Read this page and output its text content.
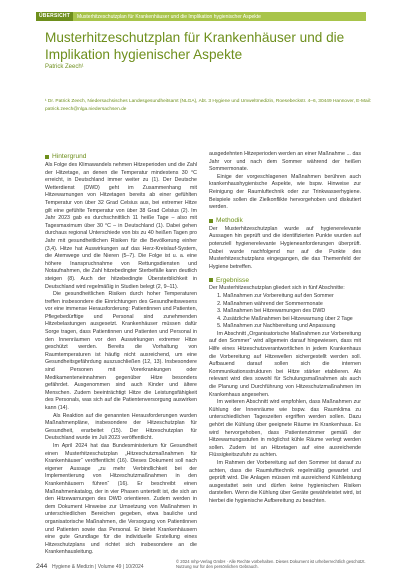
ÜBERSICHT	Musterhitzeschutzplan für Krankenhäuser und die Implikation hygienischer Aspekte
Musterhitzeschutzplan für Krankenhäuser und die Implikation hygienischer Aspekte
Patrick Zeech¹
¹ Dr. Patrick Zeech, Niedersachsisches Landesgesundheitsamt (NLGA), Abt. 3 Hygiene und Umweltmedizin, Roesebeckstr. 4–6, 30449 Hannover, E-Mail: patrick.zeech@nlga.niedersachsen.de
Hintergrund

Als Folge des Klimawandels nehmen Hitzeperioden und die Zahl der Hitzetage, an denen die Temperatur mindestens 30 °C erreicht, in Deutschland immer weiter zu (1). Der Deutsche Wetterdienst (DWD) geht im Zusammenhang mit Hitzewarnungen von Hitzetagen bereits ab einer gefühlten Temperatur von über 32 Grad Celsius aus, bei extremer Hitze gilt eine gefühlte Temperatur von über 38 Grad Celsius (2). Im Jahr 2023 gab es durchschnittlich 11 heiße Tage – also mit Tagesmaximum über 30 °C – in Deutschland (1). Dabei gehen durchaus regional Unterschiede von bis zu 40 heißen Tagen pro Jahr mit gesundheitlichen Risiken für die Bevölkerung einher (3,4). Hitze hat Auswirkungen auf das Herz-Kreislauf-System, die Atemwege und die Nieren (5–7). Die Folge ist u. a. eine höhere Inanspruchnahme von Rettungsdiensten und Notaufnahmen, die Zahl hitzebedingter Sterbefälle kann deutlich steigen (8). Auch der hitzebedingte Übersterblichkeit in Deutschland wird regelmäßig in Studien belegt (2, 9–11).

Die gesundheitlichen Risiken durch hoher Temperaturen treffen insbesondere die Einrichtungen des Gesundheitswesens vor eine immense Herausforderung: Patientinnen und Patienten, Pflegebedürftige und Personal sind zunehmenden Hitzebelastungen ausgesetzt. Krankenhäuser müssen dafür Sorge tragen, dass Patientinnen und Patienten und Personal in den Innenräumen vor den Auswirkungen extremer Hitze geschützt werden. Bereits die Vorhaltung von Raumtemperaturen ist häufig nicht ausreichend, um eine Gesundheitsgefährdung auszuschließen (12, 13). Insbesondere sind Personen mit Vorerkrankungen oder Medikamenteneinnahmen gegenüber Hitze besonders gefährdet. Ausgenommen sind auch Kinder und ältere Menschen. Zudem beeinträchtigt Hitze die Leistungsfähigkeit des Personals, was sich auf die Patientenversorgung auswirken kann (14).

Als Reaktion auf die genannten Herausforderungen wurden Maßnahmenpläne, insbesondere der Hitzeschutzplan für Gesundheit, erarbeitet (15). Der Hitzeschutzplan für Deutschland wurde im Juli 2023 veröffentlicht.

Im April 2024 hat das Bundesministerium für Gesundheit einen Musterhitzeschutzplan „Hitzeschutzmaßnahmen für Krankenhäuser“ veröffentlicht (16). Dieses Dokument soll nach eigener Aussage „zu mehr Verbindlichkeit bei der Implementierung von Hitzeschutzmaßnahmen in den Krankenhäusern führen“ (16). Er beschreibt einen Maßnahmenkatalog, der in vier Phasen unterteilt ist, die sich an den Hitzewarnungen des DWD orientieren. Zudem werden in dem Dokument Hinweise zur Umsetzung von Maßnahmen in unterschiedlichen Bereichen gegeben, etwa bauliche und organisatorische Maßnahmen, die Versorgung von Patientinnen und Patienten sowie das Personal. Er bietet Krankenhäusern eine gute Grundlage für die individuelle Erstellung eines Hitzeschutzplans und richtet sich insbesondere an die Krankenhausleitung.

ausgedehnten Hitzeperioden werden an einer Maßnahme ... das Jahr vor und nach dem Sommer während der heißen Sommermonate.

Einige der vorgeschlagenen Maßnahmen berühren auch krankenhaushygienische Aspekte, wie bspw. Hinweise zur Reinigung der Raumluftechnik oder zur Trinkwasserhygiene. Beispiele sollen die Zielkonflikte hervorgehoben und diskutiert werden.

Methodik

Der Musterhitzeschutzplan wurde auf hygienerelevante Aussagen hin geprüft und die identifizierten Punkte wurden auf potenziell hygienerelevante Hygieneanforderungen überprüft. Dabei wurde nachfolgend nur auf die Punkte des Musterhitzeschutzplans eingegangen, die das Themenfeld der Hygiene betreffen.

Ergebnisse

Der Musterhitzeschutzplan gliedert sich in fünf Abschnitte:

1. Maßnahmen zur Vorbereitung auf den Sommer
2. Maßnahmen während der Sommermonate
3. Maßnahmen bei Hitzewarnungen des DWD
4. Zusätzliche Maßnahmen bei Hitzewarnung über 2 Tage
5. Maßnahmen zur Nachbereitung und Anpassung

Im Abschnitt „Organisatorische Maßnahmen zur Vorbereitung auf den Sommer“ wird allgemein darauf hingewiesen, dass mit Hilfe eines Hitzeschutzverantwortlichen in jedem Krankenhaus die Vorbereitung auf Hitzewellen sichergestellt werden soll. Aufbauend darauf sollen sich die internen Kommunikationsstrukturen bei Hitze stärker etablieren. Als relevant wird dies sowohl für Schulungsmaßnahmen als auch die Planung und Durchführung von Hitzeschutzmaßnahmen im Krankenhaus angesehen.

Im weiteren Abschnitt wird empfohlen, dass Maßnahmen zur Kühlung der Innenräume wie bspw. das Raumklima zu unterschiedlichen Tageszeiten ergriffen werden sollen. Dazu gehört die Kühlung über geeignete Räume im Krankenhaus. Es wird hervorgehoben, dass Patientenzimmer gemäß der Hitzewarnungsstufen in möglichst kühle Räume verlegt werden sollen. Zudem ist an Hitzetagen auf eine ausreichende Flüssigkeitszufuhr zu achten.

Im Rahmen der Vorbereitung auf den Sommer ist darauf zu achten, dass die Raumlufttechnik regelmäßig gewartet und geprüft wird. Die Anlagen müssen mit ausreichend Kühlleistung ausgestattet sein und dürfen keine hygienischen Risiken darstellen. Wenn die Kühlung über Geräte gewährleistet wird, ist hierbei die hygienische Aufbereitung zu beachten.

244 Hygiene & Medizin | Volume 49 | 10/2024
© 2024 mhp-Verlag GmbH · Alle Rechte vorbehalten. Dieses Dokument ist urheberrechtlich geschützt. Nutzung nur für den persönlichen Gebrauch.
